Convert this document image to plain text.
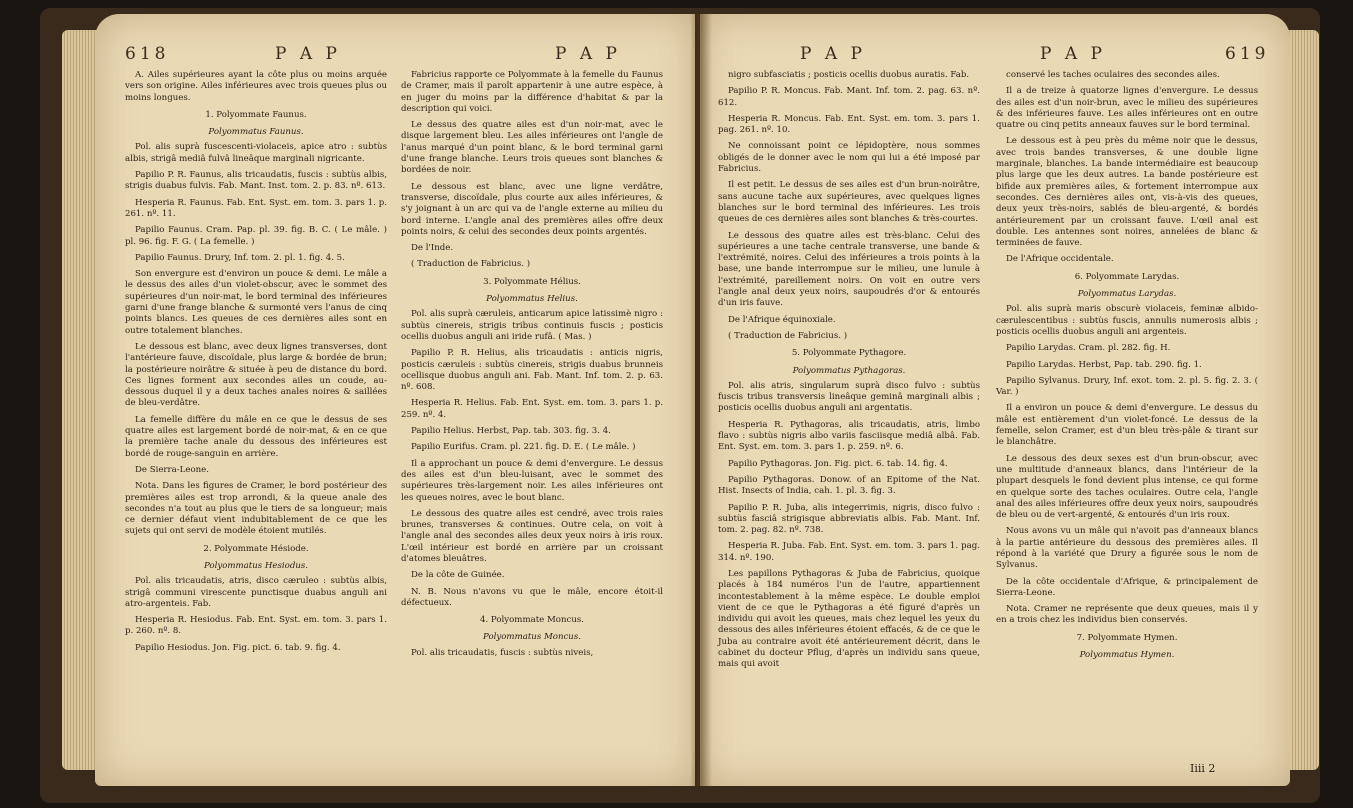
618	P A P	P A P

A. Ailes supérieures ayant la côte plus ou moins arquée vers son origine. Ailes inférieures avec trois queues plus ou moins longues.

1. Polyommate Faunus.

Polyommatus Faunus.

Pol. alis suprà fuscescenti-violaceis, apice atro : subtùs albis, strigâ mediâ fulvâ lineâque marginali nigricante.

Papilio P. R. Faunus, alis tricaudatis, fuscis : subtùs albis, strigis duabus fulvis. Fab. Mant. Inst. tom. 2. p. 83. nº. 613.

Hesperia R. Faunus. Fab. Ent. Syst. em. tom. 3. pars 1. p. 261. nº. 11.

Papilio Faunus. Cram. Pap. pl. 39. fig. B. C. ( Le mâle. ) pl. 96. fig. F. G. ( La femelle. )

Papilio Faunus. Drury, Inf. tom. 2. pl. 1. fig. 4. 5.

Son envergure est d'environ un pouce & demi. Le mâle a le dessus des ailes d'un violet-obscur, avec le sommet des supérieures d'un noir-mat, le bord terminal des inférieures garni d'une frange blanche & surmonté vers l'anus de cinq points blancs. Les queues de ces dernières ailes sont en outre totalement blanches.

Le dessous est blanc, avec deux lignes transverses, dont l'antérieure fauve, discoïdale, plus large & bordée de brun; la postérieure noirâtre & située à peu de distance du bord. Ces lignes forment aux secondes ailes un coude, au-dessous duquel il y a deux taches anales noires & saillées de bleu-verdâtre.

La femelle diffère du mâle en ce que le dessus de ses quatre ailes est largement bordé de noir-mat, & en ce que la première tache anale du dessous des inférieures est bordé de rouge-sanguin en arrière.

De Sierra-Leone.

Nota. Dans les figures de Cramer, le bord postérieur des premières ailes est trop arrondi, & la queue anale des secondes n'a tout au plus que le tiers de sa longueur; mais ce dernier défaut vient indubitablement de ce que les sujets qui ont servi de modèle étoient mutilés.

2. Polyommate Hésiode.

Polyommatus Hesiodus.

Pol. alis tricaudatis, atris, disco cæruleo : subtùs albis, strigâ communi virescente punctisque duabus anguli ani atro-argenteis. Fab.

Hesperia R. Hesiodus. Fab. Ent. Syst. em. tom. 3. pars 1. p. 260. nº. 8.

Papilio Hesiodus. Jon. Fig. pict. 6. tab. 9. fig. 4.

Fabricius rapporte ce Polyommate à la femelle du Faunus de Cramer, mais il paroît appartenir à une autre espèce, à en juger du moins par la différence d'habitat & par la description qui voici.

Le dessus des quatre ailes est d'un noir-mat, avec le disque largement bleu. Les ailes inférieures ont l'angle de l'anus marqué d'un point blanc, & le bord terminal garni d'une frange blanche. Leurs trois queues sont blanches & bordées de noir.

Le dessous est blanc, avec une ligne verdâtre, transverse, discoïdale, plus courte aux ailes inférieures, & s'y joignant à un arc qui va de l'angle externe au milieu du bord interne. L'angle anal des premières ailes offre deux points noirs, & celui des secondes deux points argentés.

De l'Inde.

( Traduction de Fabricius. )

3. Polyommate Hélius.

Polyommatus Helius.

Pol. alis suprà cæruleis, anticarum apice latissimè nigro : subtùs cinereis, strigis tribus continuis fuscis ; posticis ocellis duobus anguli ani iride rufâ. ( Mas. )

Papilio P. R. Helius, alis tricaudatis : anticis nigris, posticis cæruleis : subtùs cinereis, strigis duabus brunneis ocellisque duobus anguli ani. Fab. Mant. Inf. tom. 2. p. 63. nº. 608.

Hesperia R. Helius. Fab. Ent. Syst. em. tom. 3. pars 1. p. 259. nº. 4.

Papilio Helius. Herbst, Pap. tab. 303. fig. 3. 4.

Papilio Eurifus. Cram. pl. 221. fig. D. E. ( Le mâle. )

Il a approchant un pouce & demi d'envergure. Le dessus des ailes est d'un bleu-luisant, avec le sommet des supérieures très-largement noir. Les ailes inférieures ont les queues noires, avec le bout blanc.

Le dessous des quatre ailes est cendré, avec trois raies brunes, transverses & continues. Outre cela, on voit à l'angle anal des secondes ailes deux yeux noirs à iris roux. L'œil intérieur est bordé en arrière par un croissant d'atomes bleuâtres.

De la côte de Guinée.

N. B. Nous n'avons vu que le mâle, encore étoit-il défectueux.

4. Polyommate Moncus.

Polyommatus Moncus.

Pol. alis tricaudatis, fuscis : subtùs niveis,

P A P	P A P	619

nigro subfasciatis ; posticis ocellis duobus auratis. Fab.

Papilio P. R. Moncus. Fab. Mant. Inf. tom. 2. pag. 63. nº. 612.

Hesperia R. Moncus. Fab. Ent. Syst. em. tom. 3. pars 1. pag. 261. nº. 10.

Ne connoissant point ce lépidoptère, nous sommes obligés de le donner avec le nom qui lui a été imposé par Fabricius.

Il est petit. Le dessus de ses ailes est d'un brun-noirâtre, sans aucune tache aux supérieures, avec quelques lignes blanches sur le bord terminal des inférieures. Les trois queues de ces dernières ailes sont blanches & très-courtes.

Le dessous des quatre ailes est très-blanc. Celui des supérieures a une tache centrale transverse, une bande & l'extrémité, noires. Celui des inférieures a trois points à la base, une bande interrompue sur le milieu, une lunule à l'extrémité, pareillement noirs. On voit en outre vers l'angle anal deux yeux noirs, saupoudrés d'or & entourés d'un iris fauve.

De l'Afrique équinoxiale.

( Traduction de Fabricius. )

5. Polyommate Pythagore.

Polyommatus Pythagoras.

Pol. alis atris, singularum suprà disco fulvo : subtùs fuscis tribus transversis lineâque geminâ marginali albis ; posticis ocellis duobus anguli ani argentatis.

Hesperia R. Pythagoras, alis tricaudatis, atris, limbo flavo : subtùs nigris albo variis fasciisque mediâ albâ. Fab. Ent. Syst. em. tom. 3. pars 1. p. 259. nº. 6.

Papilio Pythagoras. Jon. Fig. pict. 6. tab. 14. fig. 4.

Papilio Pythagoras. Donow. of an Epitome of the Nat. Hist. Insects of India, cah. 1. pl. 3. fig. 3.

Papilio P. R. Juba, alis integerrimis, nigris, disco fulvo : subtùs fasciâ strigisque abbreviatis albis. Fab. Mant. Inf. tom. 2. pag. 82. nº. 738.

Hesperia R. Juba. Fab. Ent. Syst. em. tom. 3. pars 1. pag. 314. nº. 190.

Les papillons Pythagoras & Juba de Fabricius, quoique placés à 184 numéros l'un de l'autre, appartiennent incontestablement à la même espèce. Le double emploi vient de ce que le Pythagoras a été figuré d'après un individu qui avoit les queues, mais chez lequel les yeux du dessous des ailes inférieures étoient effacés, & de ce que le Juba au contraire avoit été antérieurement décrit, dans le cabinet du docteur Pflug, d'après un individu sans queue, mais qui avoit

conservé les taches oculaires des secondes ailes.

Il a de treize à quatorze lignes d'envergure. Le dessus des ailes est d'un noir-brun, avec le milieu des supérieures & des inférieures fauve. Les ailes inférieures ont en outre quatre ou cinq petits anneaux fauves sur le bord terminal.

Le dessous est à peu près du même noir que le dessus, avec trois bandes transverses, & une double ligne marginale, blanches. La bande intermédiaire est beaucoup plus large que les deux autres. La bande postérieure est bifide aux premières ailes, & fortement interrompue aux secondes. Ces dernières ailes ont, vis-à-vis des queues, deux yeux très-noirs, sablés de bleu-argenté, & bordés antérieurement par un croissant fauve. L'œil anal est double. Les antennes sont noires, annelées de blanc & terminées de fauve.

De l'Afrique occidentale.

6. Polyommate Larydas.

Polyommatus Larydas.

Pol. alis suprà maris obscurè violaceis, feminæ albido-cærulescentibus : subtùs fuscis, annulis numerosis albis ; posticis ocellis duobus anguli ani argenteis.

Papilio Larydas. Cram. pl. 282. fig. H.

Papilio Larydas. Herbst, Pap. tab. 290. fig. 1.

Papilio Sylvanus. Drury, Inf. exot. tom. 2. pl. 5. fig. 2. 3. ( Var. )

Il a environ un pouce & demi d'envergure. Le dessus du mâle est entièrement d'un violet-foncé. Le dessus de la femelle, selon Cramer, est d'un bleu très-pâle & tirant sur le blanchâtre.

Le dessous des deux sexes est d'un brun-obscur, avec une multitude d'anneaux blancs, dans l'intérieur de la plupart desquels le fond devient plus intense, ce qui forme en quelque sorte des taches oculaires. Outre cela, l'angle anal des ailes inférieures offre deux yeux noirs, saupoudrés de bleu ou de vert-argenté, & entourés d'un iris roux.

Nous avons vu un mâle qui n'avoit pas d'anneaux blancs à la partie antérieure du dessous des premières ailes. Il répond à la variété que Drury a figurée sous le nom de Sylvanus.

De la côte occidentale d'Afrique, & principalement de Sierra-Leone.

Nota. Cramer ne représente que deux queues, mais il y en a trois chez les individus bien conservés.

7. Polyommate Hymen.

Polyommatus Hymen.

Iiii 2
